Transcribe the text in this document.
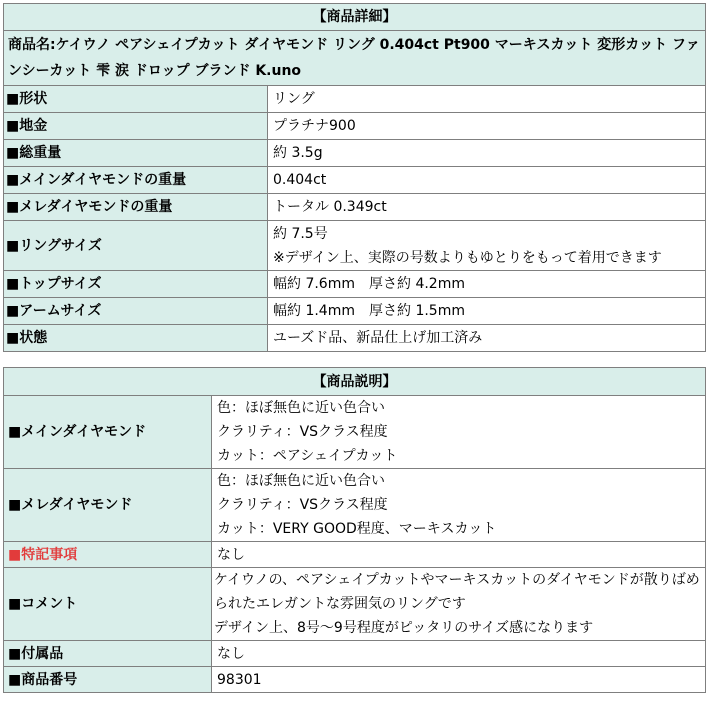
【商品詳細】	
商品名:ケイウノ ペアシェイプカット ダイヤモンド リング 0.404ct Pt900 マーキスカット 変形カット ファンシーカット 雫 涙 ドロップ ブランド K.uno	
■形状	リング
■地金	プラチナ900
■総重量	約 3.5g
■メインダイヤモンドの重量	0.404ct
■メレダイヤモンドの重量	トータル 0.349ct
■リングサイズ	約 7.5号
※デザイン上、実際の号数よりもゆとりをもって着用できます

■トップサイズ	幅約 7.6mm　厚さ約 4.2mm
■アームサイズ	幅約 1.4mm　厚さ約 1.5mm
■状態	ユーズド品、新品仕上げ加工済み
【商品説明】	
■メインダイヤモンド	色：ほぼ無色に近い色合い
クラリティ：VSクラス程度
カット：ペアシェイプカット

■メレダイヤモンド	色：ほぼ無色に近い色合い
クラリティ：VSクラス程度
カット：VERY GOOD程度、マーキスカット

■特記事項	なし
■コメント	ケイウノの、ペアシェイプカットやマーキスカットのダイヤモンドが散りばめられたエレガントな雰囲気のリングです
デザイン上、8号～9号程度がピッタリのサイズ感になります

■付属品	なし
■商品番号	98301
